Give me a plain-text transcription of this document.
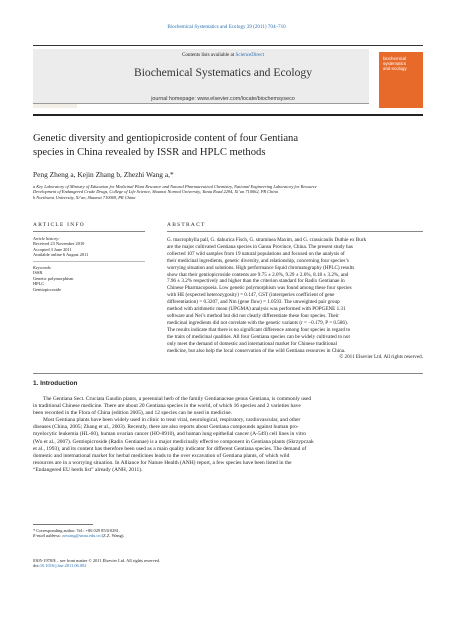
Biochemical Systematics and Ecology 39 (2011) 704–710
Contents lists available at ScienceDirect
Biochemical Systematics and Ecology
journal homepage: www.elsevier.com/locate/biochemsyseco
biochemical
systematics
and ecology
Genetic diversity and gentiopicroside content of four Gentiana
species in China revealed by ISSR and HPLC methods
Peng Zheng a, Kejin Zhang b, Zhezhi Wang a,*
a Key Laboratory of Ministry of Education for Medicinal Plant Resource and Natural Pharmaceutical Chemistry, National Engineering Laboratory for Resource
Development of Endangered Crude Drugs, College of Life Science, Shaanxi Normal University, Yanta Road 2294, Xi’an 710062, PR China
b Northwest University, Xi’an, Shaanxi 710069, PR China
ARTICLE INFO
Article history:
Received 23 November 2010
Accepted 3 June 2011
Available online 6 August 2011
Keywords:
ISSR
Genetic polymorphism
HPLC
Gentiopicroside
ABSTRACT
G. macrophylla pall, G. dahurica Fisch, G. straminea Maxim, and G. crassicaulis Duthie ex Burk
are the major cultivated Gentiana species in Gansu Province, China. The present study has
collected 107 wild samples from 19 natural populations and focused on the analysis of
their medicinal ingredients, genetic diversity, and relationship, concerning four species’s
worrying situation and solutions. High performance liquid chromatography (HPLC) results
show that their gentiopicroside contents are 9.75 ± 2.0%, 9.29 ± 2.6%, 8.18 ± 3.2%, and
7.96 ± 3.2% respectively and higher than the criterion standard for Radix Gentianae in
Chinese Pharmacopoeia. Low genetic polymorphism was found among these four species
with HE (expected heterozygosity) = 0.147, GST (intersperies coefficient of gene
differentiation) = 0.3207, and Nm (gene flow) = 1.0593. The unweighted pair group
method with arithmetic mean (UPGMA) analysis was performed with POPGENE 1.31
software and Nei’s method but did not clearly differentiate these four species. Their
medicinal ingredients did not correlate with the genetic variants (r = −0.179, P = 0.586).
The results indicate that there is no significant difference among four species in regard to
the traits of medicinal qualities. All four Gentiana species can be widely cultivated to not
only meet the demand of domestic and international market for Chinese traditional
medicine, but also help the local conservation of the wild Gentiana resources in China.
© 2011 Elsevier Ltd. All rights reserved.
1. Introduction
The Gentiana Sect. Cruciata Gaudin plants, a perennial herb of the family Gentianaceae genus Gentiana, is commonly used
in traditional Chinese medicine. There are about 20 Gentiana species in the world, of which 16 species and 2 varieties have
been recorded in the Flora of China (edition 2005), and 12 species can be used in medicine.
Most Gentiana plants have been widely used in clinic to treat viral, neurological, respiratory, cardiovascular, and other
diseases (China, 2005; Zhang et al., 2003). Recently, there are also reports about Gentiana compounds against human pro-
myelocytic leukemia (HL-60), human ovarian cancer (HO-8910), and human lung epithelial cancer (A-549) cell lines in vitro
(Wu et al., 2007). Gentiopicroside (Radix Gentianae) is a major medicinally effective component in Gentiana plants (Skrzypczak
et al., 1993), and its content has therefore been used as a main quality indicator for different Gentiana species. The demand of
domestic and international market for herbal medicines leads to the over excavation of Gentiana plants, of which wild
resources are in a worrying situation. In Alliance for Nature Health (ANH) report, a few species have been listed in the
“Endangered EU herds list” already (ANH, 2011).
* Corresponding author. Tel.: +86 029 85310281.
E-mail address: zzwang@snnu.edu.cn (Z.Z. Wang).
0305-1978/$ – see front matter © 2011 Elsevier Ltd. All rights reserved.
doi:10.1016/j.bse.2011.06.002
